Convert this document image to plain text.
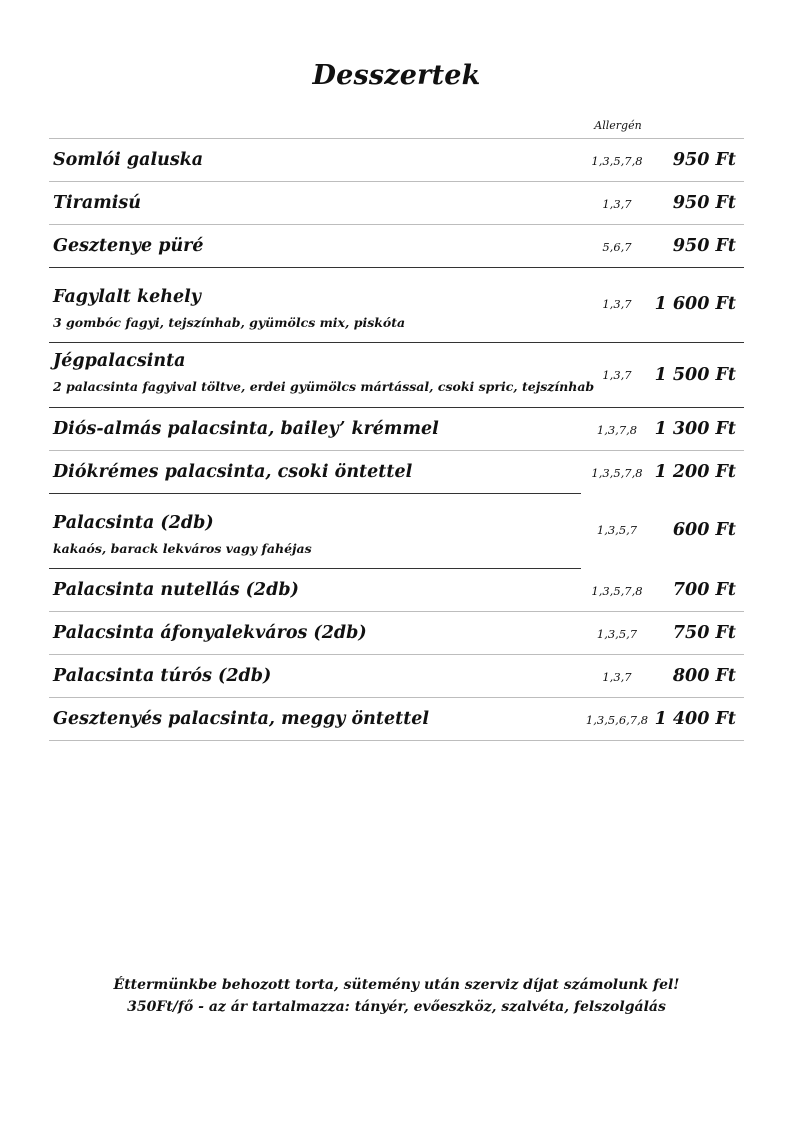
Desszertek
Allergén
Somlói galuska	1,3,5,7,8	950 Ft
Tiramisú	1,3,7	950 Ft
Gesztenye püré	5,6,7	950 Ft
Fagylalt kehely
3 gombóc fagyi, tejszínhab, gyümölcs mix, piskóta
1,3,7	1 600 Ft
Jégpalacsinta
2 palacsinta fagyival töltve, erdei gyümölcs mártással, csoki spric, tejszínhab
1,3,7	1 500 Ft
Diós-almás palacsinta, bailey’ krémmel	1,3,7,8 1 300 Ft
Diókrémes palacsinta, csoki öntettel	1,3,5,7,8 1 200 Ft
Palacsinta (2db)
kakaós, barack lekváros vagy fahéjas
1,3,5,7	600 Ft
Palacsinta nutellás (2db)	1,3,5,7,8	700 Ft
Palacsinta áfonyalekváros (2db)	1,3,5,7	750 Ft
Palacsinta túrós (2db)	1,3,7	800 Ft
Gesztenyés palacsinta, meggy öntettel	1,3,5,6,7,8 1 400 Ft
Éttermünkbe behozott torta, sütemény után szerviz díjat számolunk fel!
350Ft/fő - az ár tartalmazza: tányér, evőeszköz, szalvéta, felszolgálás
